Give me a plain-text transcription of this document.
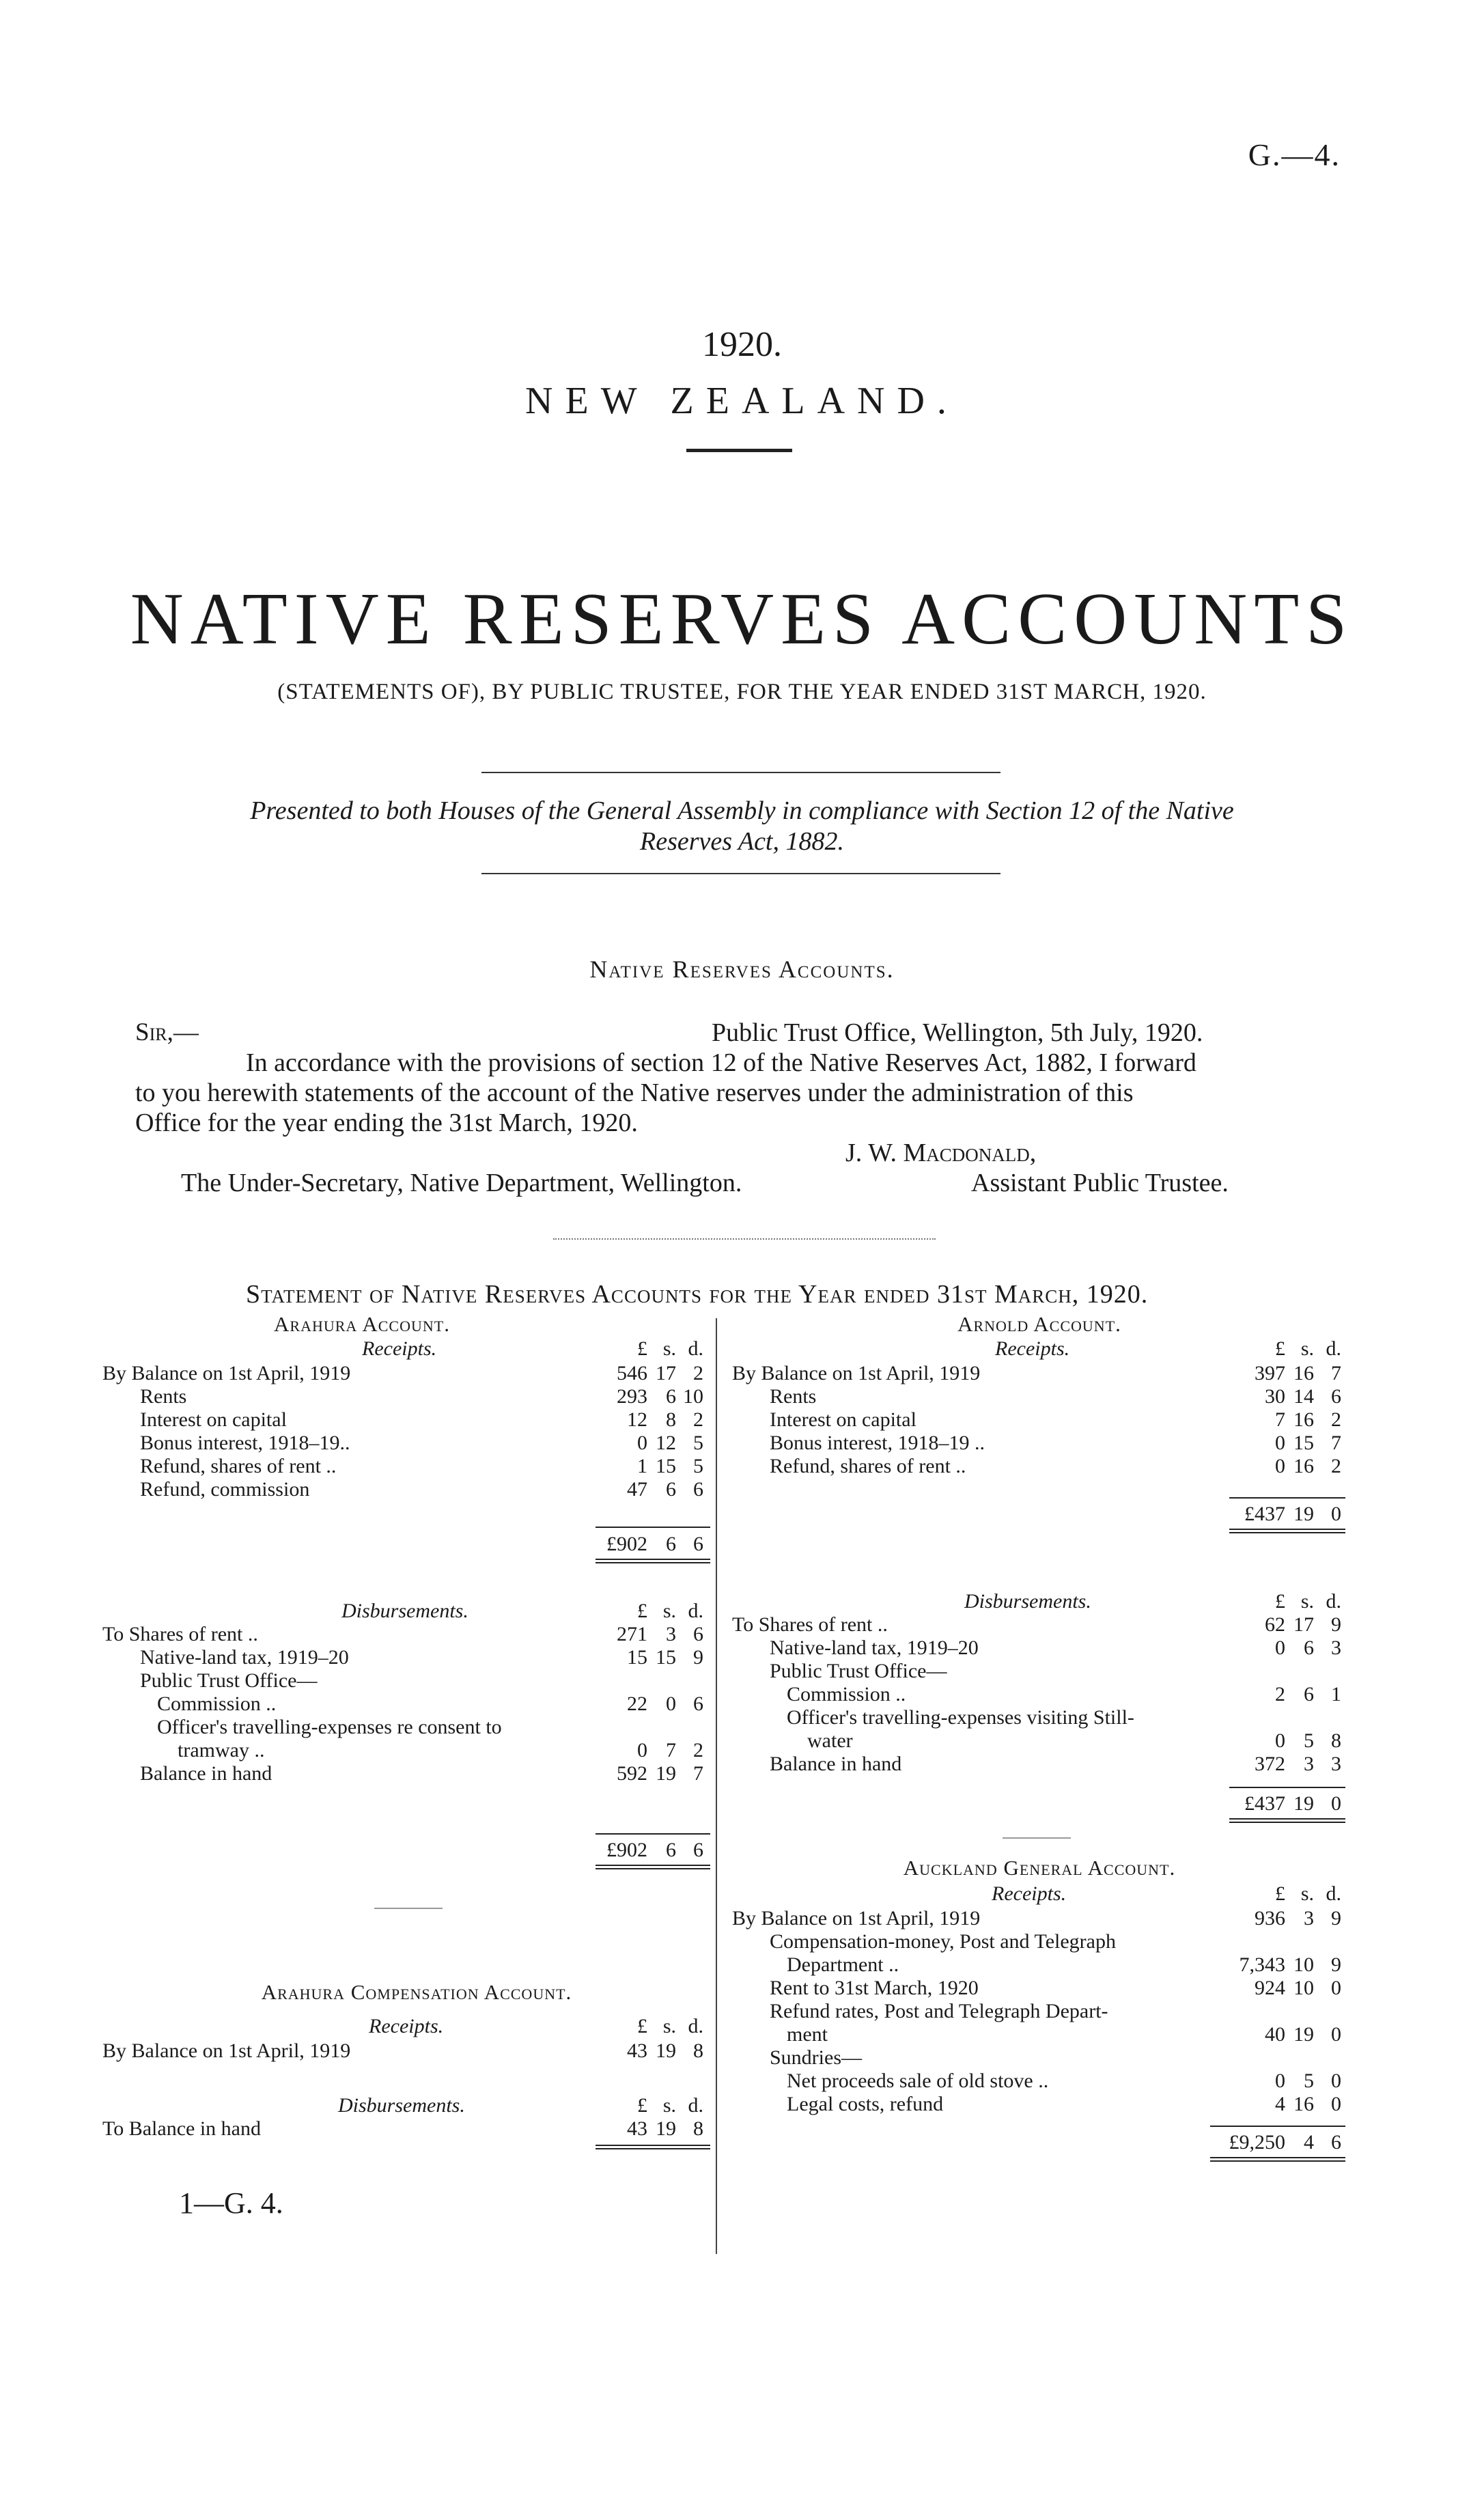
G.—4.
1920.
NEW ZEALAND.
NATIVE RESERVES ACCOUNTS
(STATEMENTS OF), BY PUBLIC TRUSTEE, FOR THE YEAR ENDED 31ST MARCH, 1920.
Presented to both Houses of the General Assembly in compliance with Section 12 of the Native
Reserves Act, 1882.
Native Reserves Accounts.
Sir,—	Public Trust Office, Wellington, 5th July, 1920.
In accordance with the provisions of section 12 of the Native Reserves Act, 1882, I forward
to you herewith statements of the account of the Native reserves under the administration of this
Office for the year ending the 31st March, 1920.
J. W. Macdonald,
The Under-Secretary, Native Department, Wellington.	Assistant Public Trustee.
Statement of Native Reserves Accounts for the Year ended 31st March, 1920.
Arahura Account.
Receipts.	£ s. d.
By Balance on 1st April, 1919	546 17 2
Rents	293 6 10
Interest on capital	12 8 2
Bonus interest, 1918–19..	0 12 5
Refund, shares of rent ..	1 15 5
Refund, commission	47 6 6
£902 6 6
Disbursements.	£ s. d.
To Shares of rent ..	271 3 6
Native-land tax, 1919–20	15 15 9
Public Trust Office—
Commission ..	22 0 6
Officer's travelling-expenses re consent to
tramway ..	0 7 2
Balance in hand	592 19 7
£902 6 6
Arahura Compensation Account.
Receipts.	£ s. d.
By Balance on 1st April, 1919	43 19 8
Disbursements.	£ s. d.
To Balance in hand	43 19 8
Arnold Account.
Receipts.	£ s. d.
By Balance on 1st April, 1919	397 16 7
Rents	30 14 6
Interest on capital	7 16 2
Bonus interest, 1918–19 ..	0 15 7
Refund, shares of rent ..	0 16 2
£437 19 0
Disbursements.	£ s. d.
To Shares of rent ..	62 17 9
Native-land tax, 1919–20	0 6 3
Public Trust Office—
Commission ..	2 6 1
Officer's travelling-expenses visiting Still-
water	0 5 8
Balance in hand	372 3 3
£437 19 0
Auckland General Account.
Receipts.	£ s. d.
By Balance on 1st April, 1919	936 3 9
Compensation-money, Post and Telegraph
Department ..	7,343 10 9
Rent to 31st March, 1920	924 10 0
Refund rates, Post and Telegraph Depart-
ment	40 19 0
Sundries—
Net proceeds sale of old stove ..	0 5 0
Legal costs, refund	4 16 0
£9,250 4 6
1—G. 4.
